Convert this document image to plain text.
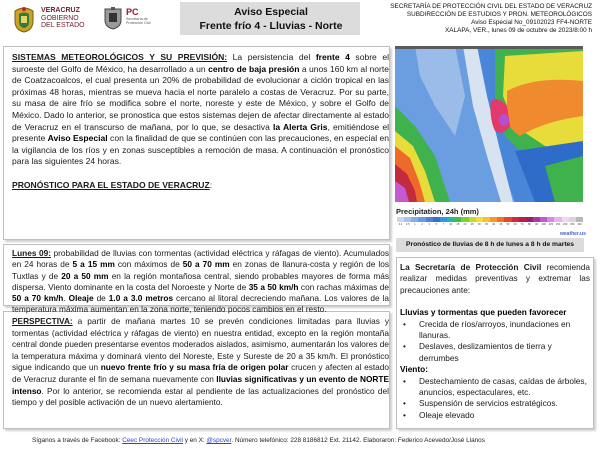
VERACRUZ
GOBIERNO
DEL ESTADO
PC
Secretaría de
Protección Civil
Aviso Especial
Frente frío 4 - Lluvias - Norte
SECRETARÍA DE PROTECCIÓN CIVIL DEL ESTADO DE VERACRUZ
SUBDIRECCIÓN DE ESTUDIOS Y PRON. METEOROLÓGICOS
Aviso Especial No_09102023 FF4-NORTE
XALAPA, VER., lunes 09 de octubre de 2023/8:00 h
SISTEMAS METEOROLÓGICOS Y SU PREVISIÓN: La persistencia del frente 4 sobre el suroeste del Golfo de México, ha desarrollado a un centro de baja presión a unos 160 km al norte de Coatzacoalcos, el cual presenta un 20% de probabilidad de evolucionar a ciclón tropical en las próximas 48 horas, mientras se mueva hacia el norte paralelo a costas de Veracruz. Por su parte, su masa de aire frío se modifica sobre el norte, noreste y este de México, y sobre el Golfo de México. Dado lo anterior, se pronostica que estos sistemas dejen de afectar directamente al estado de Veracruz en el transcurso de mañana, por lo que, se desactiva la Alerta Gris, emitiéndose el presente Aviso Especial con la finalidad de que se continúen con las precauciones, en especial en la vigilancia de los ríos y en zonas susceptibles a remoción de masa. A continuación el pronóstico para las siguientes 24 horas.
PRONÓSTICO PARA EL ESTADO DE VERACRUZ:
Lunes 09: probabilidad de lluvias con tormentas (actividad eléctrica y ráfagas de viento). Acumulados en 24 horas de 5 a 15 mm con máximos de 50 a 70 mm en zonas de llanura-costa y región de los Tuxtlas y de 20 a 50 mm en la región montañosa central, siendo probables mayores de forma más dispersa. Viento dominante en la costa del Noroeste y Norte de 35 a 50 km/h con rachas máximas de 50 a 70 km/h. Oleaje de 1.0 a 3.0 metros cercano al litoral decreciendo mañana. Los valores de la temperatura máxima aumentan en la zona norte, teniendo pocos cambios en el resto.
PERSPECTIVA: a partir de mañana martes 10 se prevén condiciones limitadas para lluvias y tormentas (actividad eléctrica y ráfagas de viento) en nuestra entidad, excepto en la región montaña central donde pueden presentarse eventos moderados aislados, asimismo, aumentarán los valores de la temperatura máxima y dominará viento del Noreste, Este y Sureste de 20 a 35 km/h. El pronóstico sigue indicando que un nuevo frente frío y su masa fría de origen polar crucen y afecten al estado de Veracruz durante el fin de semana nuevamente con lluvias significativas y un evento de NORTE intenso. Por lo anterior, se recomienda estar al pendiente de las actualizaciones del pronóstico del tiempo y del posible activación de un nuevo alertamiento.
Precipitation, 24h (mm)
0.1	0.5	1	2	3	5	7	10	15	20	25	30	35	40	45	50	60	70	80	90	100	125	150	200	250	300
weather.us
Pronóstico de lluvias de 8 h de lunes a 8 h de martes
La Secretaría de Protección Civil recomienda realizar medidas preventivas y extremar las precauciones ante:
Lluvias y tormentas que pueden favorecer
• Crecida de ríos/arroyos, inundaciones en llanuras.
• Deslaves, deslizamientos de tierra y derrumbes
Viento:
• Destechamiento de casas, caídas de árboles, anuncios, espectaculares, etc.
• Suspensión de servicios estratégicos.
• Oleaje elevado
Síganos a través de Facebook: Ceec Protección Civil y en X: @spcver. Número telefónico: 228 8186812 Ext. 21142. Elaboraron: Federico Acevedo/José Llanos
